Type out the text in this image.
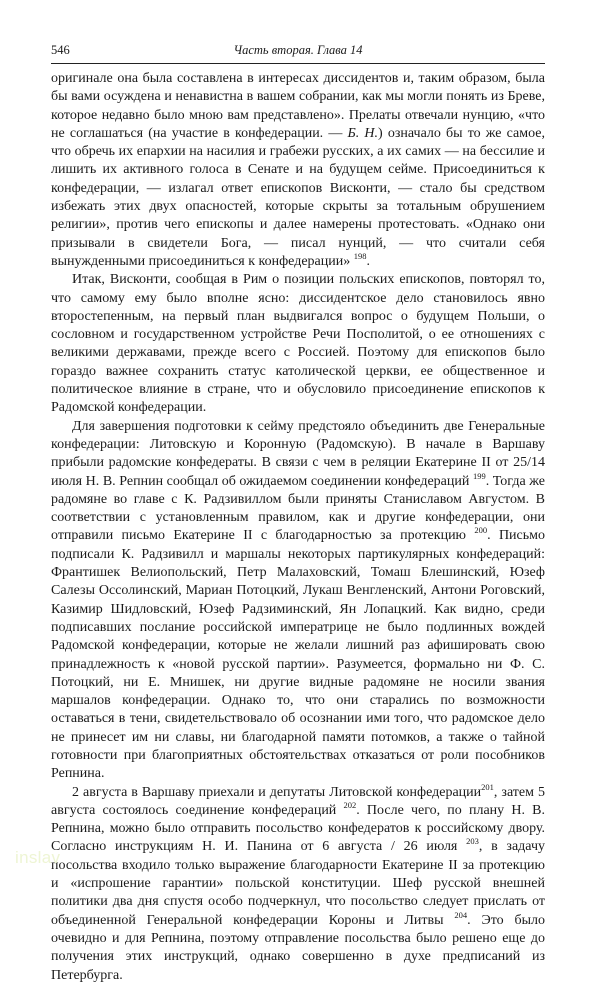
546	Часть вторая. Глава 14

оригинале она была составлена в интересах диссидентов и, таким образом, была бы вами осуждена и ненавистна в вашем собрании, как мы могли понять из Бреве, которое недавно было мною вам представлено». Прелаты отвечали нунцию, «что не соглашаться (на участие в конфедерации. — Б. Н.) означало бы то же самое, что обречь их епархии на насилия и грабежи русских, а их самих — на бессилие и лишить их активного голоса в Сенате и на будущем сейме. Присоединиться к конфедерации, — излагал ответ епископов Висконти, — стало бы средством избежать этих двух опасностей, которые скрыты за тотальным обрушением религии», против чего епископы и далее намерены протестовать. «Однако они призывали в свидетели Бога, — писал нунций, — что считали себя вынужденными присоединиться к конфедерации» $^{198}$.

Итак, Висконти, сообщая в Рим о позиции польских епископов, повторял то, что самому ему было вполне ясно: диссидентское дело становилось явно второстепенным, на первый план выдвигался вопрос о будущем Польши, о сословном и государственном устройстве Речи Посполитой, о ее отношениях с великими державами, прежде всего с Россией. Поэтому для епископов было гораздо важнее сохранить статус католической церкви, ее общественное и политическое влияние в стране, что и обусловило присоединение епископов к Радомской конфедерации.

Для завершения подготовки к сейму предстояло объединить две Генеральные конфедерации: Литовскую и Коронную (Радомскую). В начале в Варшаву прибыли радомские конфедераты. В связи с чем в реляции Екатерине II от 25/14 июля Н. В. Репнин сообщал об ожидаемом соединении конфедераций $^{199}$. Тогда же радомяне во главе с К. Радзивиллом были приняты Станиславом Августом. В соответствии с установленным правилом, как и другие конфедерации, они отправили письмо Екатерине II с благодарностью за протекцию $^{200}$. Письмо подписали К. Радзивилл и маршалы некоторых партикулярных конфедераций: Франтишек Велиопольский, Петр Малаховский, Томаш Блешинский, Юзеф Салезы Оссолинский, Мариан Потоцкий, Лукаш Венгленский, Антони Роговский, Казимир Шидловский, Юзеф Радзиминский, Ян Лопацкий. Как видно, среди подписавших послание российской императрице не было подлинных вождей Радомской конфедерации, которые не желали лишний раз афишировать свою принадлежность к «новой русской партии». Разумеется, формально ни Ф. С. Потоцкий, ни Е. Мнишек, ни другие видные радомяне не носили звания маршалов конфедерации. Однако то, что они старались по возможности оставаться в тени, свидетельствовало об осознании ими того, что радомское дело не принесет им ни славы, ни благодарной памяти потомков, а также о тайной готовности при благоприятных обстоятельствах отказаться от роли пособников Репнина.

2 августа в Варшаву приехали и депутаты Литовской конфедерации$^{201}$, затем 5 августа состоялось соединение конфедераций $^{202}$. После чего, по плану Н. В. Репнина, можно было отправить посольство конфедератов к российскому двору. Согласно инструкциям Н. И. Панина от 6 августа / 26 июля $^{203}$, в задачу посольства входило только выражение благодарности Екатерине II за протекцию и «испрошение гарантии» польской конституции. Шеф русской внешней политики два дня спустя особо подчеркнул, что посольство следует прислать от объединенной Генеральной конфедерации Короны и Литвы $^{204}$. Это было очевидно и для Репнина, поэтому отправление посольства было решено еще до получения этих инструкций, однако совершенно в духе предписаний из Петербурга.

inslav
